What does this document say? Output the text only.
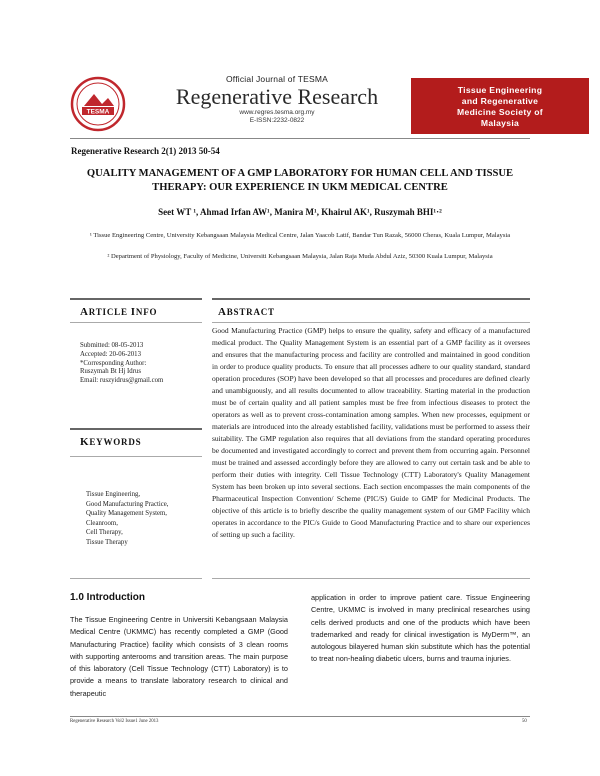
TESMA
Official Journal of TESMA
Regenerative Research
www.regres.tesma.org.my
E-ISSN:2232-0822
Tissue Engineering
and Regenerative
Medicine Society of
Malaysia
Regenerative Research 2(1) 2013 50-54
QUALITY MANAGEMENT OF A GMP LABORATORY FOR HUMAN CELL AND TISSUE THERAPY: OUR EXPERIENCE IN UKM MEDICAL CENTRE
Seet WT ¹, Ahmad Irfan AW¹, Manira M¹, Khairul AK¹, Ruszymah BHI¹·²
¹ Tissue Engineering Centre, University Kebangsaan Malaysia Medical Centre, Jalan Yaacob Latif, Bandar Tun Razak, 56000 Cheras, Kuala Lumpur, Malaysia
² Department of Physiology, Faculty of Medicine, Universiti Kebangsaan Malaysia, Jalan Raja Muda Abdul Aziz, 50300 Kuala Lumpur, Malaysia
ARTICLE INFO
Submitted: 08-05-2013
Accepted: 20-06-2013
*Corresponding Author:
Ruszymah Bt Hj Idrus
Email: ruszyidrus@gmail.com
KEYWORDS
Tissue Engineering,
Good Manufacturing Practice,
Quality Management System,
Cleanroom,
Cell Therapy,
Tissue Therapy
ABSTRACT
Good Manufacturing Practice (GMP) helps to ensure the quality, safety and efficacy of a manufactured medical product. The Quality Management System is an essential part of a GMP facility as it oversees and ensures that the manufacturing process and facility are controlled and maintained in good condition in order to produce quality products. To ensure that all processes adhere to our quality standard, standard operation procedures (SOP) have been developed so that all processes and procedures are defined clearly and unambiguously, and all results documented to allow traceability. Starting material in the production must be of certain quality and all patient samples must be free from infectious diseases to protect the operators as well as to prevent cross-contamination among samples. When new processes, equipment or materials are introduced into the already established facility, validations must be performed to assess their suitability. The GMP regulation also requires that all deviations from the standard operating procedures be documented and investigated accordingly to correct and prevent them from occurring again. Personnel must be trained and assessed accordingly before they are allowed to carry out certain task and be able to perform their duties with integrity. Cell Tissue Technology (CTT) Laboratory's Quality Management System has been broken up into several sections. Each section encompasses the main components of the Pharmaceutical Inspection Convention/ Scheme (PIC/S) Guide to GMP for Medicinal Products. The objective of this article is to briefly describe the quality management system of our GMP Facility which operates in accordance to the PIC/s Guide to Good Manufacturing Practice and to share our experiences of setting up such a facility.
1.0 Introduction
The Tissue Engineering Centre in Universiti Kebangsaan Malaysia Medical Centre (UKMMC) has recently completed a GMP (Good Manufacturing Practice) facility which consists of 3 clean rooms with supporting anterooms and transition areas. The main purpose of this laboratory (Cell Tissue Technology (CTT) Laboratory) is to provide a means to translate laboratory research to clinical and therapeutic
application in order to improve patient care. Tissue Engineering Centre, UKMMC is involved in many preclinical researches using cells derived products and one of the products which have been trademarked and ready for clinical investigation is MyDerm™, an autologous bilayered human skin substitute which has the potential to treat non-healing diabetic ulcers, burns and trauma injuries.
Regenerative Research Vol2 Issue1 June 2013	50
